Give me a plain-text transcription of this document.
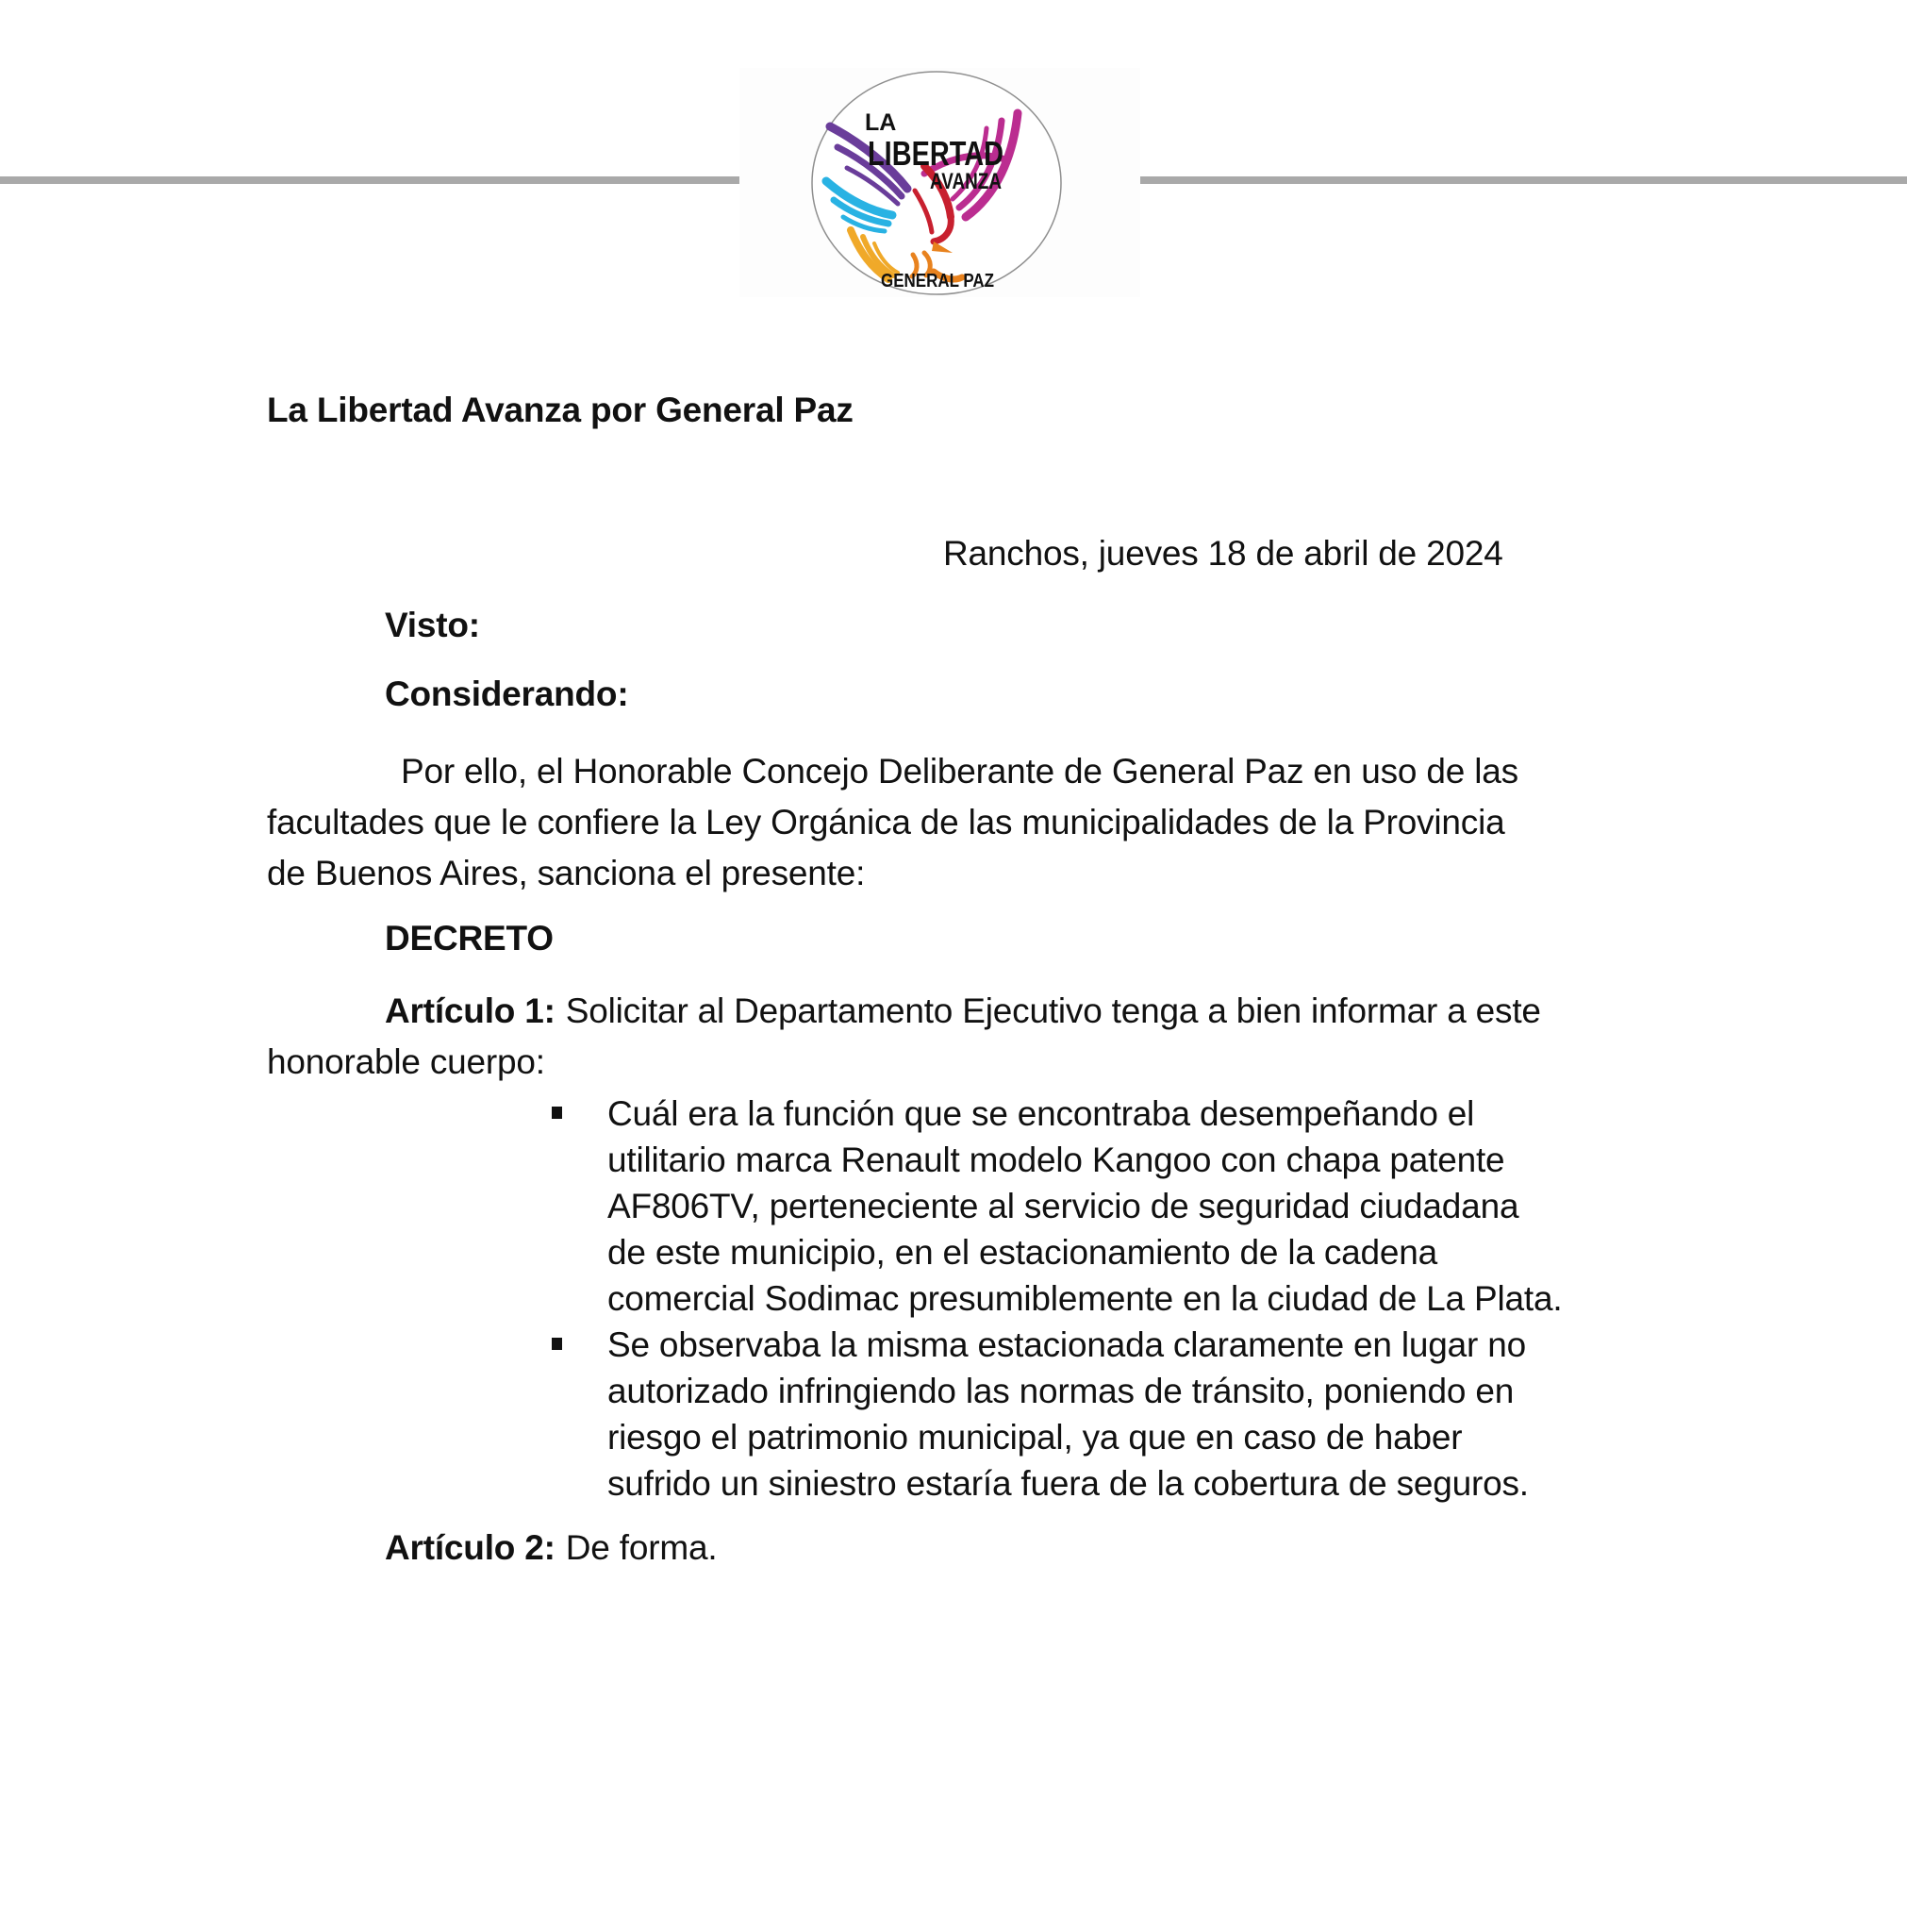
LA
LIBERTAD
AVANZA
GENERAL PAZ
La Libertad Avanza por General Paz
Ranchos, jueves 18 de abril de 2024
Visto:
Considerando:
Por ello, el Honorable Concejo Deliberante de General Paz en uso de las
facultades que le confiere la Ley Orgánica de las municipalidades de la Provincia
de Buenos Aires, sanciona el presente:
DECRETO
Artículo 1: Solicitar al Departamento Ejecutivo tenga a bien informar a este
honorable cuerpo:
Cuál era la función que se encontraba desempeñando el
utilitario marca Renault modelo Kangoo con chapa patente
AF806TV, perteneciente al servicio de seguridad ciudadana
de este municipio, en el estacionamiento de la cadena
comercial Sodimac presumiblemente en la ciudad de La Plata.
Se observaba la misma estacionada claramente en lugar no
autorizado infringiendo las normas de tránsito, poniendo en
riesgo el patrimonio municipal, ya que en caso de haber
sufrido un siniestro estaría fuera de la cobertura de seguros.
Artículo 2: De forma.
